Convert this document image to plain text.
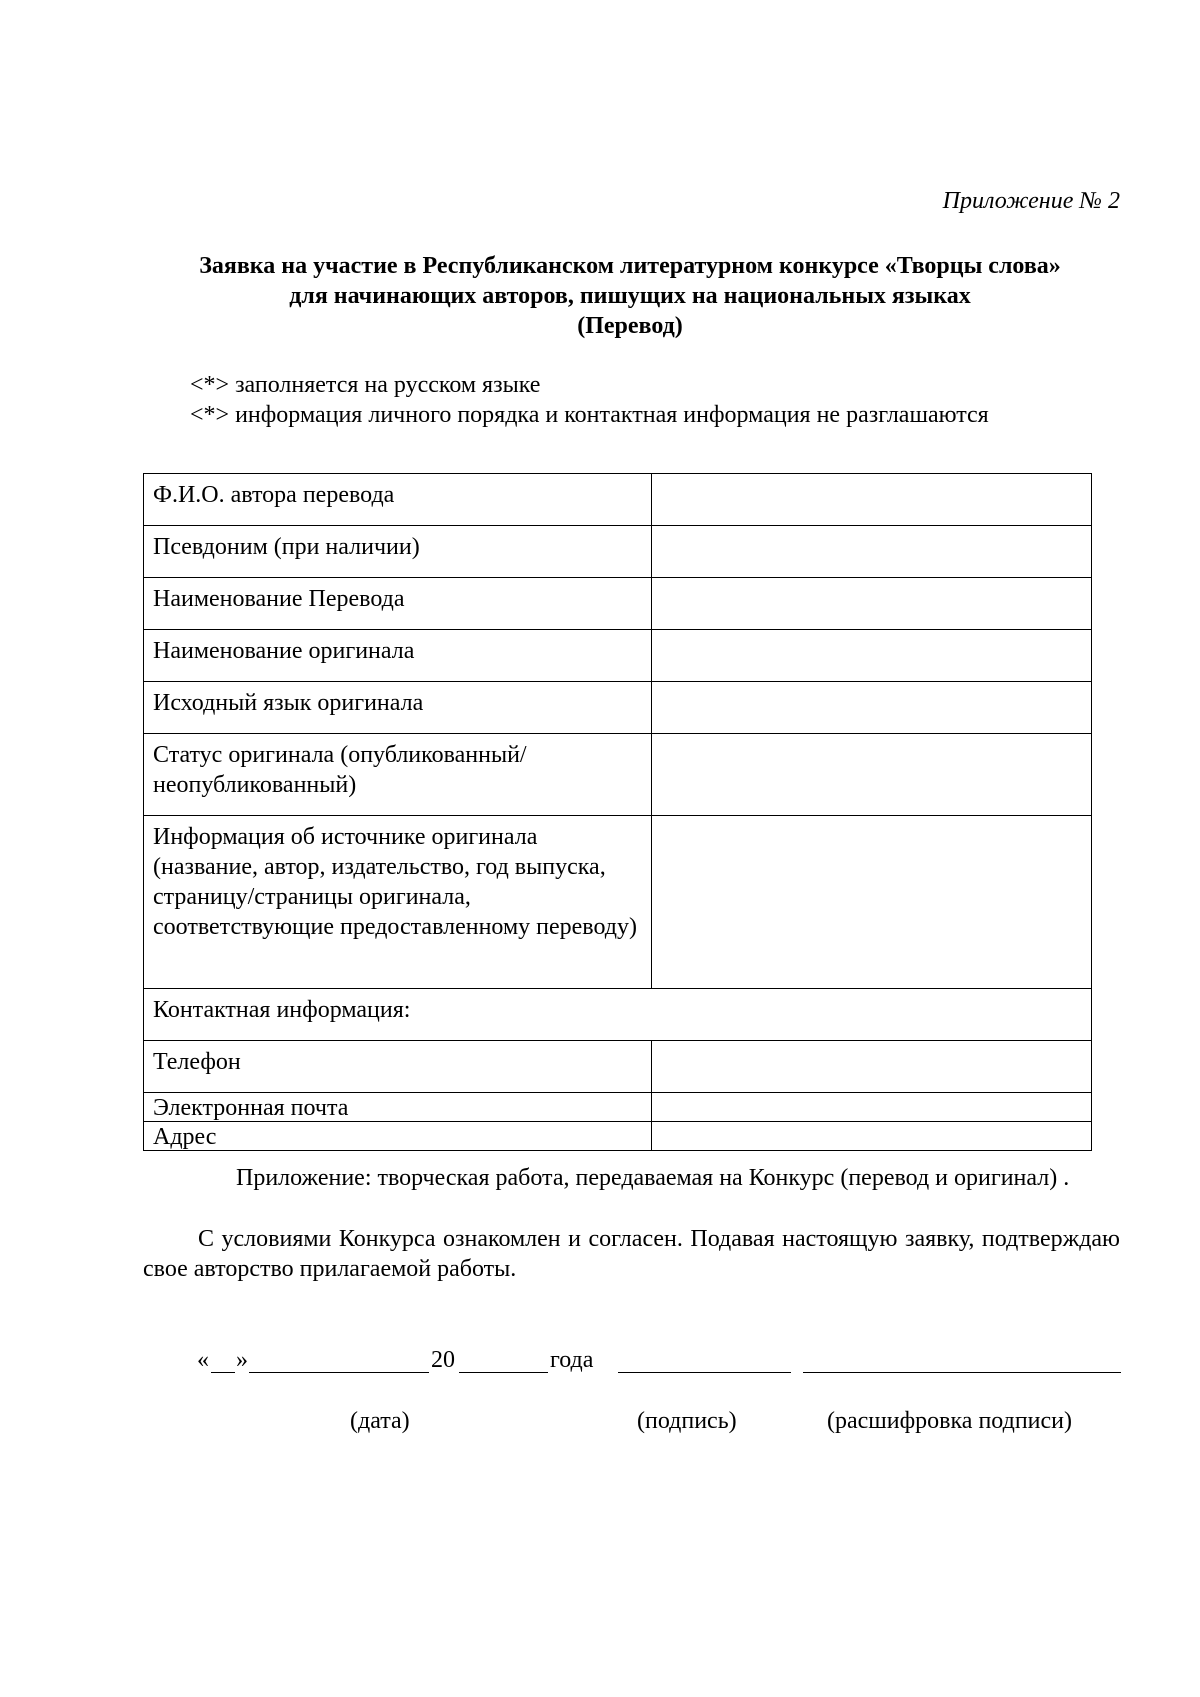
Приложение № 2
Заявка на участие в Республиканском литературном конкурсе «Творцы слова»
для начинающих авторов, пишущих на национальных языках
(Перевод)
<*> заполняется на русском языке
<*> информация личного порядка и контактная информация не разглашаются
Ф.И.О. автора перевода	
Псевдоним (при наличии)	
Наименование Перевода	
Наименование оригинала	
Исходный язык оригинала	
Статус оригинала (опубликованный/ неопубликованный)	
Информация об источнике оригинала (название, автор, издательство, год выпуска, страницу/страницы оригинала, соответствующие предоставленному переводу)	
Контактная информация:	
Телефон	
Электронная почта	
Адрес	
Приложение: творческая работа, передаваемая на Конкурс (перевод и оригинал) .
С условиями Конкурса ознакомлен и согласен. Подавая настоящую заявку, подтверждаю свое авторство прилагаемой работы.
« »	20	года
(дата)	(подпись)	(расшифровка подписи)
